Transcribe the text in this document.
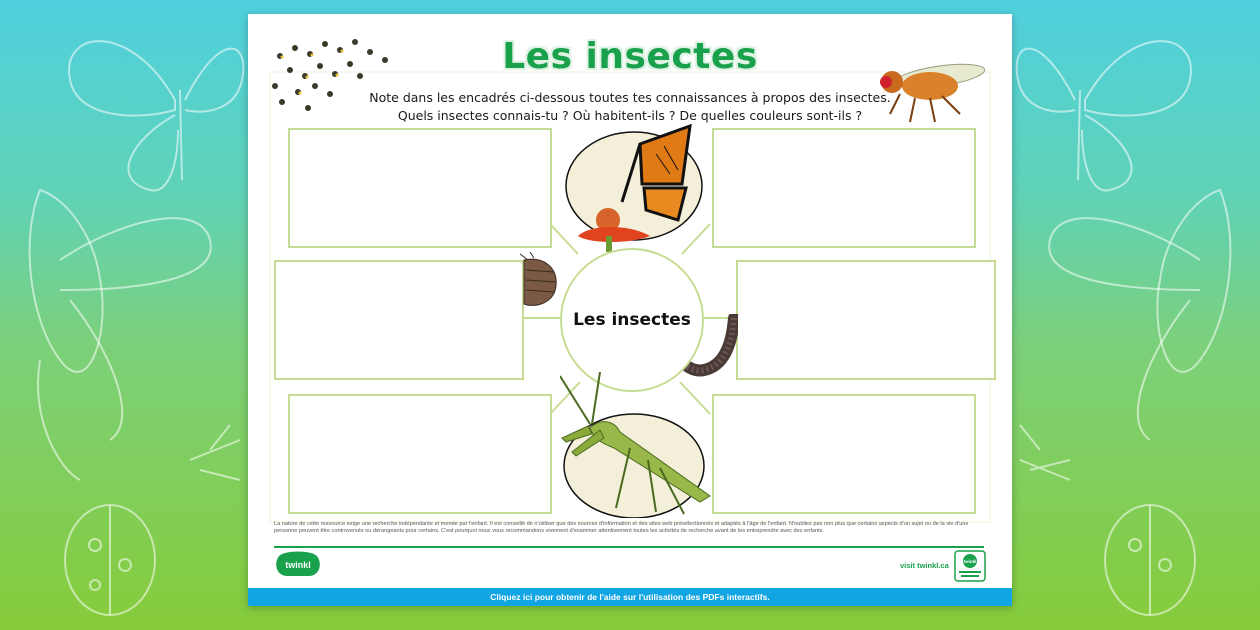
Les insectes
Note dans les encadrés ci-dessous toutes tes connaissances à propos des insectes.
Quels insectes connais-tu ? Où habitent-ils ? De quelles couleurs sont-ils ?
Les insectes
La nature de cette ressource exige une recherche indépendante et menée par l'enfant. Il est conseillé de n'utiliser que des sources d'information et des sites web présélectionnés et adaptés à l'âge de l'enfant. N'oubliez pas non plus que certains aspects d'un sujet ou de la vie d'une personne peuvent être controversés ou dérangeants pour certains. C'est pourquoi nous vous recommandons vivement d'examiner attentivement toutes les activités de recherche avant de les entreprendre avec des enfants.
twinkl	visit twinkl.ca	twinkl
Cliquez ici pour obtenir de l'aide sur l'utilisation des PDFs interactifs.
